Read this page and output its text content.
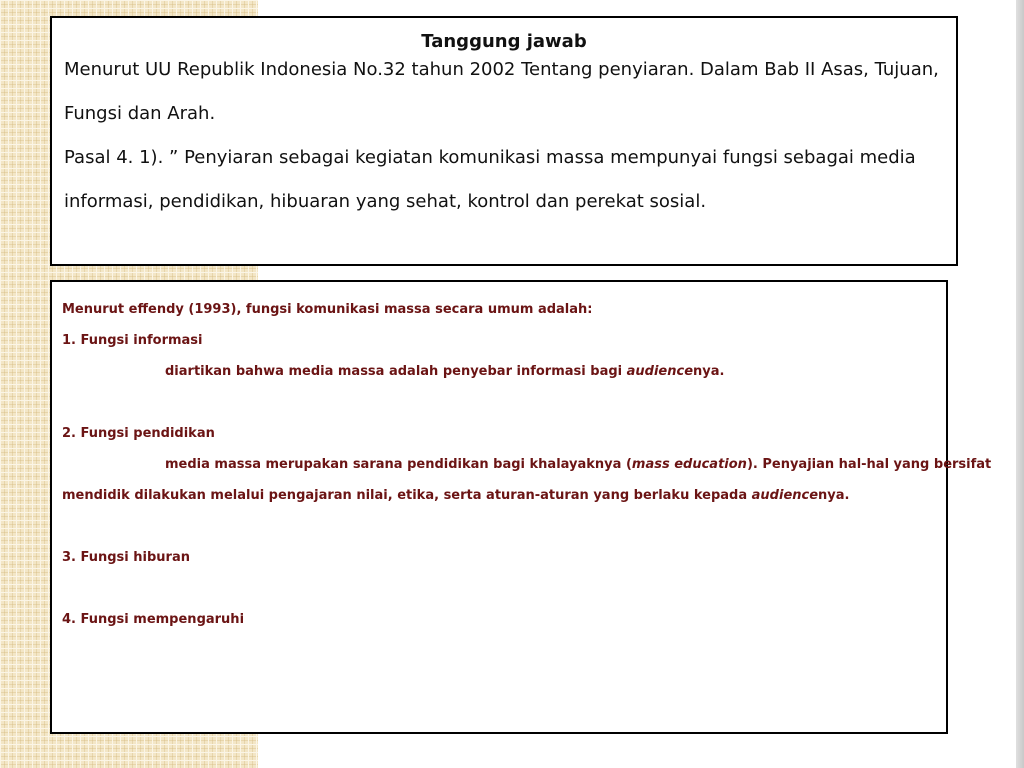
Tanggung jawab

Menurut UU Republik Indonesia No.32 tahun 2002 Tentang penyiaran. Dalam Bab II Asas, Tujuan, Fungsi dan Arah.

Pasal 4. 1). ” Penyiaran sebagai kegiatan komunikasi massa mempunyai fungsi sebagai media informasi, pendidikan, hibuaran yang sehat, kontrol dan perekat sosial.

Menurut effendy (1993), fungsi komunikasi massa secara umum adalah:
1. Fungsi informasi
diartikan bahwa media massa adalah penyebar informasi bagi audiencenya.
2. Fungsi pendidikan
media massa merupakan sarana pendidikan bagi khalayaknya (mass education). Penyajian hal-hal yang bersifat
mendidik dilakukan melalui pengajaran nilai, etika, serta aturan-aturan yang berlaku kepada audiencenya.
3. Fungsi hiburan
4. Fungsi mempengaruhi
